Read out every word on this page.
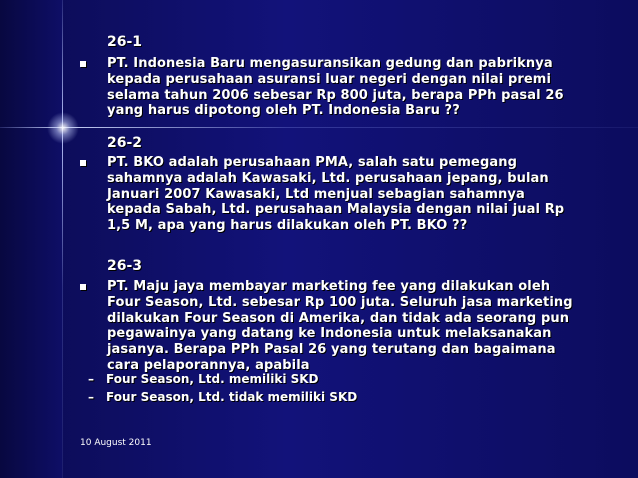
26-1
PT. Indonesia Baru mengasuransikan gedung dan pabriknya kepada perusahaan asuransi luar negeri dengan nilai premi selama tahun 2006 sebesar Rp 800 juta, berapa PPh pasal 26 yang harus dipotong oleh PT. Indonesia Baru ??
26-2
PT. BKO adalah perusahaan PMA, salah satu pemegang sahamnya adalah Kawasaki, Ltd. perusahaan jepang, bulan Januari 2007 Kawasaki, Ltd menjual sebagian sahamnya kepada Sabah, Ltd. perusahaan Malaysia dengan nilai jual Rp 1,5 M, apa yang harus dilakukan oleh PT. BKO ??
26-3
PT. Maju jaya membayar marketing fee yang dilakukan oleh Four Season, Ltd. sebesar Rp 100 juta. Seluruh jasa marketing dilakukan Four Season di Amerika, dan tidak ada seorang pun pegawainya yang datang ke Indonesia untuk melaksanakan jasanya. Berapa PPh Pasal 26 yang terutang dan bagaimana cara pelaporannya, apabila
–	Four Season, Ltd. memiliki SKD
–	Four Season, Ltd. tidak memiliki SKD
10 August 2011
